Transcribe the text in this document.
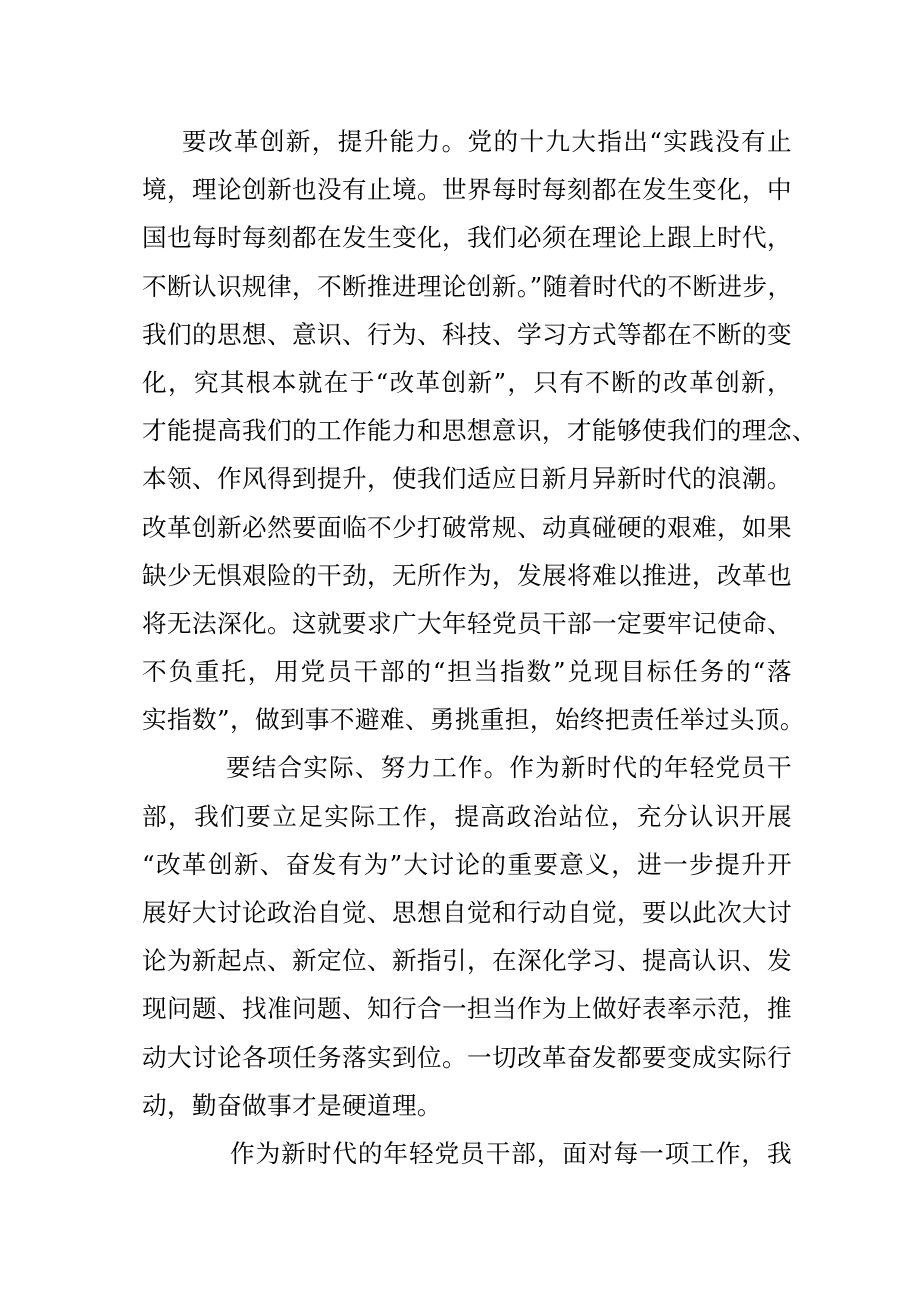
要改革创新，提升能力。党的十九大指出“实践没有止
境，理论创新也没有止境。世界每时每刻都在发生变化，中
国也每时每刻都在发生变化，我们必须在理论上跟上时代，
不断认识规律，不断推进理论创新。”随着时代的不断进步，
我们的思想、意识、行为、科技、学习方式等都在不断的变
化，究其根本就在于“改革创新”，只有不断的改革创新，
才能提高我们的工作能力和思想意识，才能够使我们的理念、
本领、作风得到提升，使我们适应日新月异新时代的浪潮。
改革创新必然要面临不少打破常规、动真碰硬的艰难，如果
缺少无惧艰险的干劲，无所作为，发展将难以推进，改革也
将无法深化。这就要求广大年轻党员干部一定要牢记使命、
不负重托，用党员干部的“担当指数”兑现目标任务的“落
实指数”，做到事不避难、勇挑重担，始终把责任举过头顶。
要结合实际、努力工作。作为新时代的年轻党员干
部，我们要立足实际工作，提高政治站位，充分认识开展
“改革创新、奋发有为”大讨论的重要意义，进一步提升开
展好大讨论政治自觉、思想自觉和行动自觉，要以此次大讨
论为新起点、新定位、新指引，在深化学习、提高认识、发
现问题、找准问题、知行合一担当作为上做好表率示范，推
动大讨论各项任务落实到位。一切改革奋发都要变成实际行
动，勤奋做事才是硬道理。
作为新时代的年轻党员干部，面对每一项工作，我
